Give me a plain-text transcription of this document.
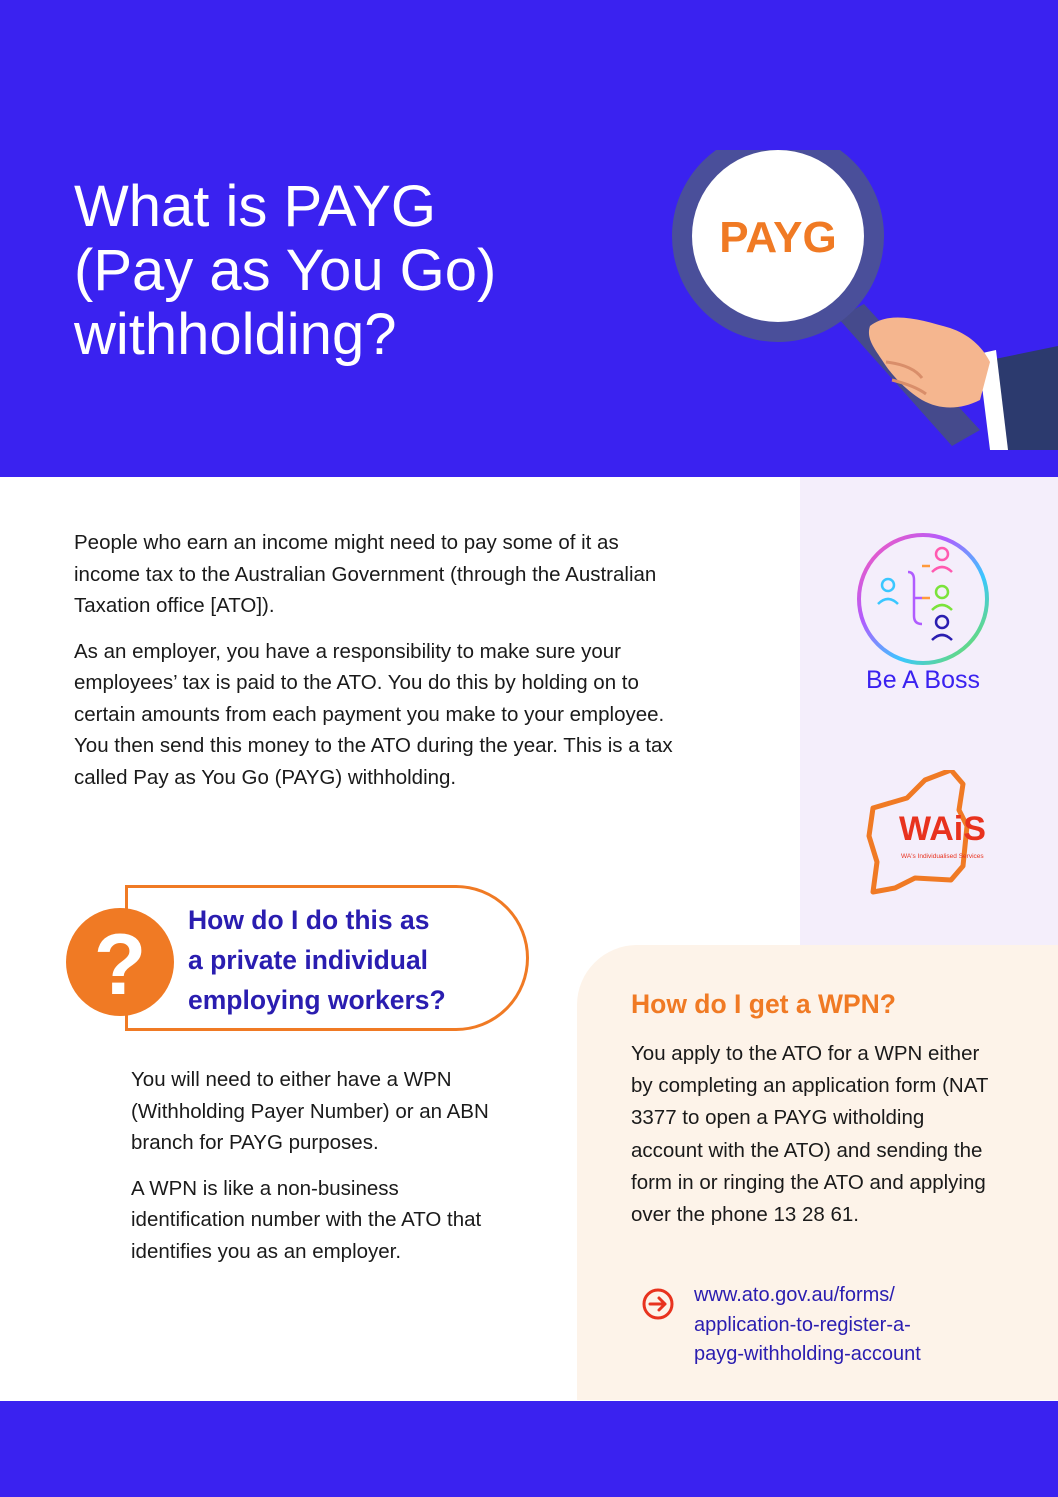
What is PAYG
(Pay as You Go)
withholding?
PAYG

People who earn an income might need to pay some of it as income tax to the Australian Government (through the Australian Taxation office [ATO]).

As an employer, you have a responsibility to make sure your employees’ tax is paid to the ATO. You do this by holding on to certain amounts from each payment you make to your employee. You then send this money to the ATO during the year. This is a tax called Pay as You Go (PAYG) withholding.

Be A Boss
WAiS
WA's Individualised Services
? How do I do this as
a private individual
employing workers?

You will need to either have a WPN (Withholding Payer Number) or an ABN branch for PAYG purposes.

A WPN is like a non-business identification number with the ATO that identifies you as an employer.

How do I get a WPN?

You apply to the ATO for a WPN either by completing an application form (NAT 3377 to open a PAYG witholding account with the ATO) and sending the form in or ringing the ATO and applying over the phone 13 28 61.

www.ato.gov.au/forms/
application-to-register-a-
payg-withholding-account
